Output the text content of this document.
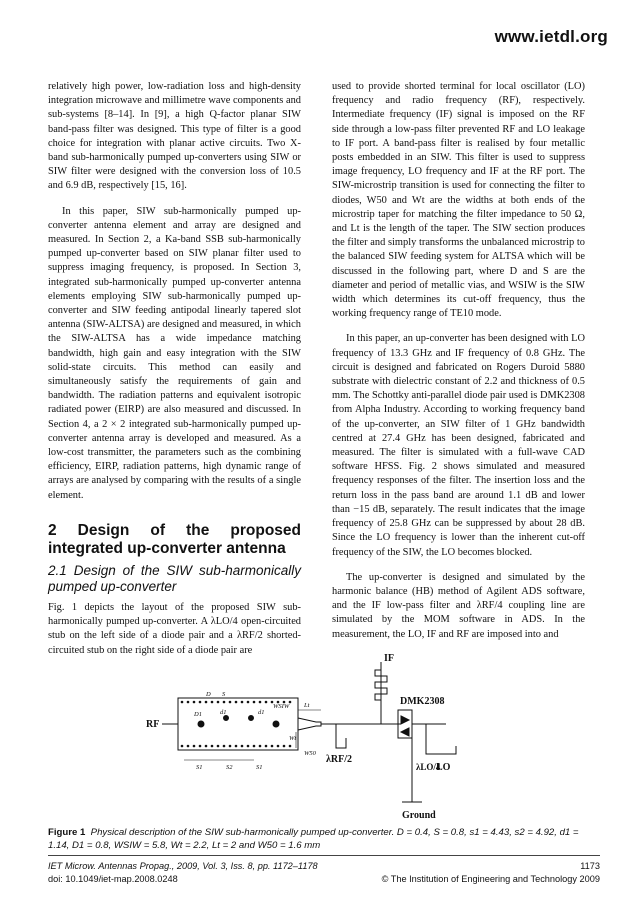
www.ietdl.org

relatively high power, low-radiation loss and high-density integration microwave and millimetre wave components and sub-systems [8–14]. In [9], a high Q-factor planar SIW band-pass filter was designed. This type of filter is a good choice for integration with planar active circuits. Two X-band sub-harmonically pumped up-converters using SIW or SIW filter were designed with the conversion loss of 10.5 and 6.9 dB, respectively [15, 16].

In this paper, SIW sub-harmonically pumped up-converter antenna element and array are designed and measured. In Section 2, a Ka-band SSB sub-harmonically pumped up-converter based on SIW planar filter used to suppress imaging frequency, is proposed. In Section 3, integrated sub-harmonically pumped up-converter antenna elements employing SIW sub-harmonically pumped up-converter and SIW feeding antipodal linearly tapered slot antenna (SIW-ALTSA) are designed and measured, in which the SIW-ALTSA has a wide impedance matching bandwidth, high gain and easy integration with the SIW solid-state circuits. This method can easily and simultaneously satisfy the requirements of gain and bandwidth. The radiation patterns and equivalent isotropic radiated power (EIRP) are also measured and discussed. In Section 4, a 2 × 2 integrated sub-harmonically pumped up-converter antenna array is developed and measured. As a low-cost transmitter, the parameters such as the combining efficiency, EIRP, radiation patterns, high dynamic range of arrays are analysed by comparing with the results of a single element.

2 Design of the proposed integrated up-converter antenna
2.1 Design of the SIW sub-harmonically pumped up-converter

Fig. 1 depicts the layout of the proposed SIW sub-harmonically pumped up-converter. A λLO/4 open-circuited stub on the left side of a diode pair and a λRF/2 shorted-circuited stub on the right side of a diode pair are

used to provide shorted terminal for local oscillator (LO) frequency and radio frequency (RF), respectively. Intermediate frequency (IF) signal is imposed on the RF side through a low-pass filter prevented RF and LO leakage to IF port. A band-pass filter is realised by four metallic posts embedded in an SIW. This filter is used to suppress image frequency, LO frequency and IF at the RF port. The SIW-microstrip transition is used for connecting the filter to diodes, W50 and Wt are the widths at both ends of the microstrip taper for matching the filter impedance to 50 Ω, and Lt is the length of the taper. The SIW section produces the filter and simply transforms the unbalanced microstrip to the balanced SIW feeding system for ALTSA which will be discussed in the following part, where D and S are the diameter and period of metallic vias, and WSIW is the SIW width which determines its cut-off frequency, thus the working frequency range of TE10 mode.

In this paper, an up-converter has been designed with LO frequency of 13.3 GHz and IF frequency of 0.8 GHz. The circuit is designed and fabricated on Rogers Duroid 5880 substrate with dielectric constant of 2.2 and thickness of 0.5 mm. The Schottky anti-parallel diode pair used is DMK2308 from Alpha Industry. According to working frequency band of the up-converter, an SIW filter of 1 GHz bandwidth centred at 27.4 GHz has been designed, fabricated and measured. The filter is simulated with a full-wave CAD software HFSS. Fig. 2 shows simulated and measured frequency responses of the filter. The insertion loss and the return loss in the pass band are around 1.1 dB and lower than −15 dB, separately. The result indicates that the image frequency of 25.8 GHz can be suppressed by about 28 dB. Since the LO frequency is lower than the inherent cut-off frequency of the SIW, the LO becomes blocked.

The up-converter is designed and simulated by the harmonic balance (HB) method of Agilent ADS software, and the IF low-pass filter and λRF/4 coupling line are simulated by the MOM software in ADS. In the measurement, the LO, IF and RF are imposed into and

IF
RF
LO
Ground
DMK2308
λRF/2
λLO/4
D S
D1	d1	d1
WSIW
S1	S2	S1
Lt
Wt
W50
Figure 1 Physical description of the SIW sub-harmonically pumped up-converter. D = 0.4, S = 0.8, s1 = 4.43, s2 = 4.92, d1 = 1.14, D1 = 0.8, WSIW = 5.8, Wt = 2.2, Lt = 2 and W50 = 1.6 mm
IET Microw. Antennas Propag., 2009, Vol. 3, Iss. 8, pp. 1172–1178	1173
doi: 10.1049/iet-map.2008.0248	© The Institution of Engineering and Technology 2009
